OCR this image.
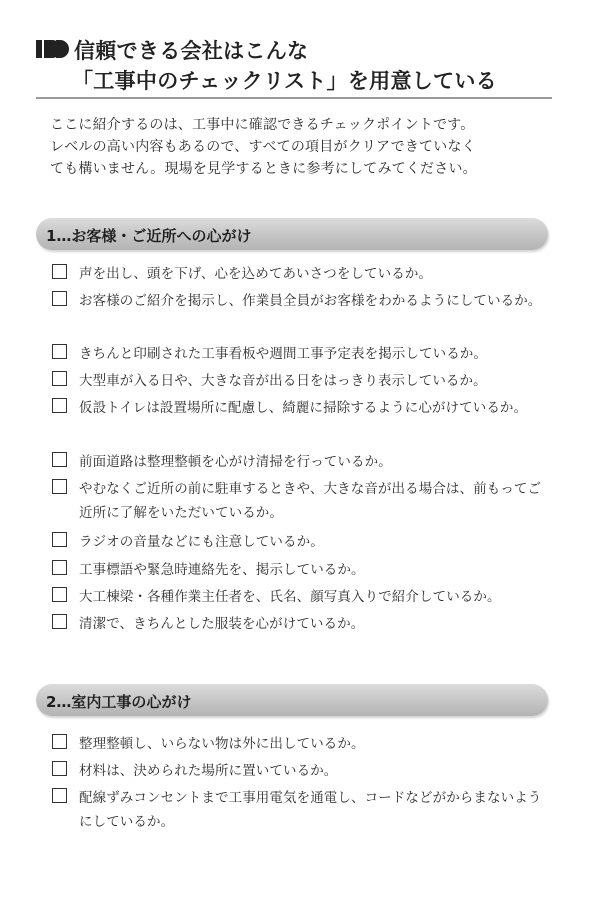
信頼できる会社はこんな
「工事中のチェックリスト」を用意している
ここに紹介するのは、工事中に確認できるチェックポイントです。
レベルの高い内容もあるので、すべての項目がクリアできていなく
ても構いません。現場を見学するときに参考にしてみてください。
1…お客様・ご近所への心がけ
声を出し、頭を下げ、心を込めてあいさつをしているか。
お客様のご紹介を掲示し、作業員全員がお客様をわかるようにしているか。
きちんと印刷された工事看板や週間工事予定表を掲示しているか。
大型車が入る日や、大きな音が出る日をはっきり表示しているか。
仮設トイレは設置場所に配慮し、綺麗に掃除するように心がけているか。
前面道路は整理整頓を心がけ清掃を行っているか。
やむなくご近所の前に駐車するときや、大きな音が出る場合は、前もってご近所に了解をいただいているか。
ラジオの音量などにも注意しているか。
工事標語や緊急時連絡先を、掲示しているか。
大工棟梁・各種作業主任者を、氏名、顔写真入りで紹介しているか。
清潔で、きちんとした服装を心がけているか。
2…室内工事の心がけ
整理整頓し、いらない物は外に出しているか。
材料は、決められた場所に置いているか。
配線ずみコンセントまで工事用電気を通電し、コードなどがからまないようにしているか。
